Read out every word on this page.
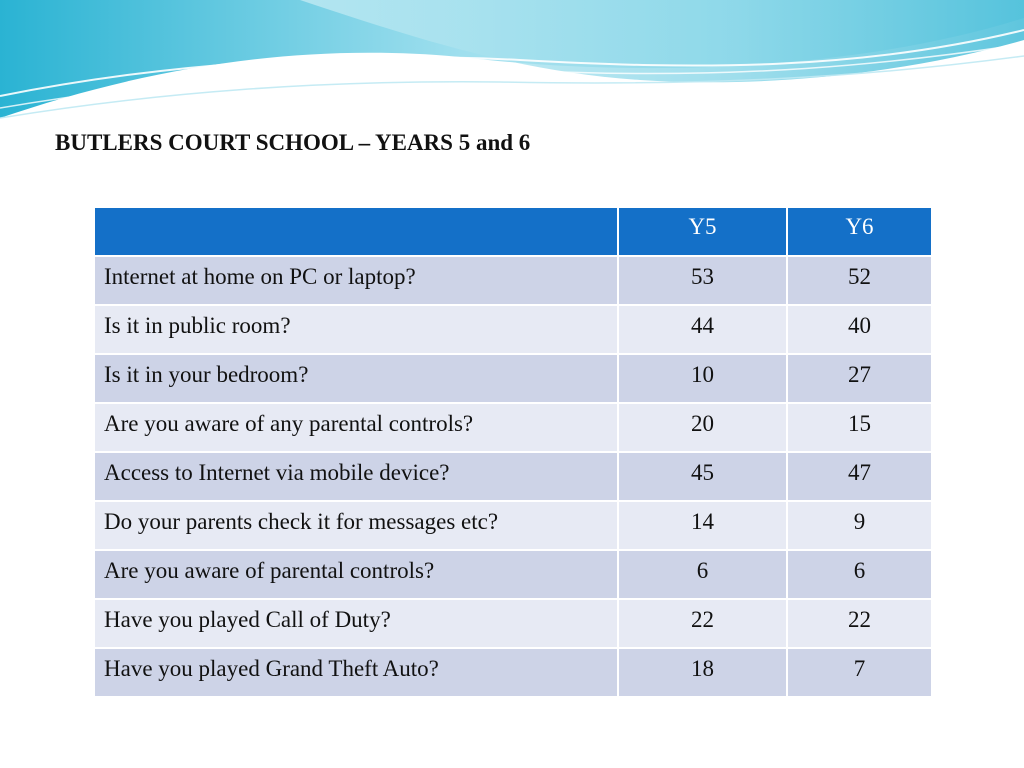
BUTLERS COURT SCHOOL – YEARS 5 and 6
	Y5	Y6
Internet at home on PC or laptop?	53	52
Is it in public room?	44	40
Is it in your bedroom?	10	27
Are you aware of any parental controls?	20	15
Access to Internet via mobile device?	45	47
Do your parents check it for messages etc?	14	9
Are you aware of parental controls?	6	6
Have you played Call of Duty?	22	22
Have you played Grand Theft Auto?	18	7
